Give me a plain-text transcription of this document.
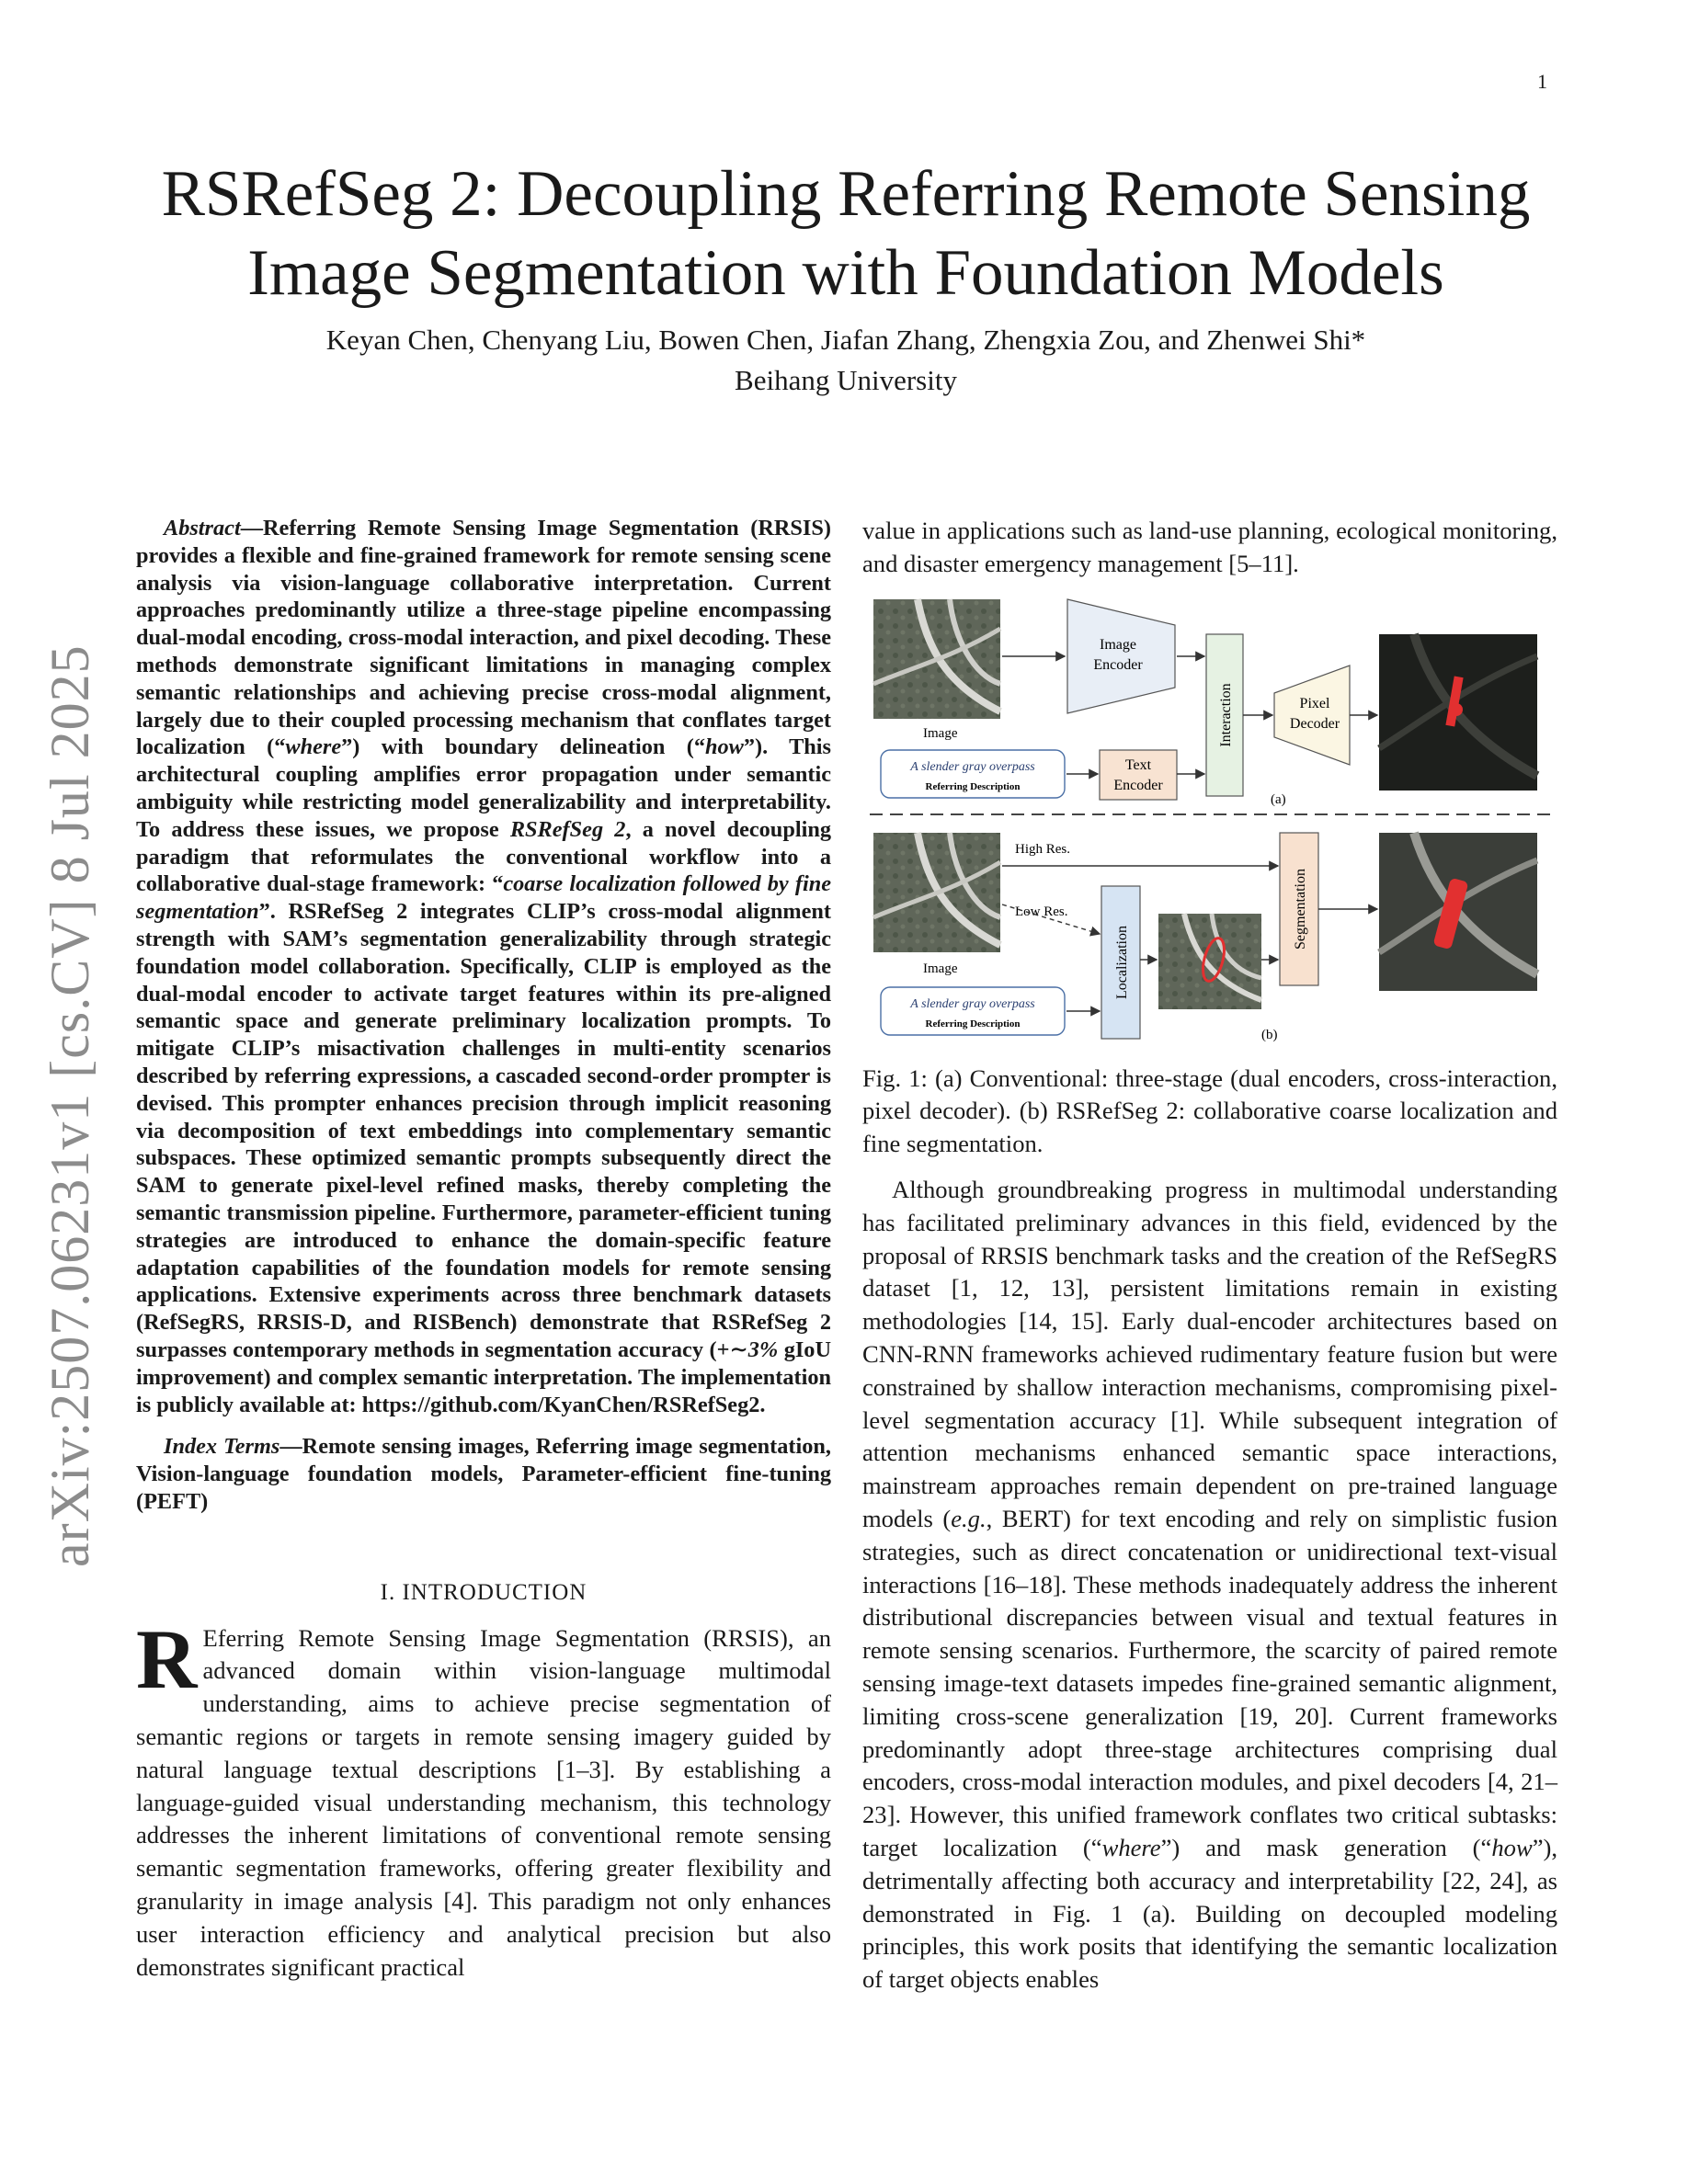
1
arXiv:2507.06231v1 [cs.CV] 8 Jul 2025
RSRefSeg 2: Decoupling Referring Remote Sensing
Image Segmentation with Foundation Models
Keyan Chen, Chenyang Liu, Bowen Chen, Jiafan Zhang, Zhengxia Zou, and Zhenwei Shi*
Beihang University

Abstract—Referring Remote Sensing Image Segmentation (RRSIS) provides a flexible and fine-grained framework for remote sensing scene analysis via vision-language collaborative interpretation. Current approaches predominantly utilize a three-stage pipeline encompassing dual-modal encoding, cross-modal interaction, and pixel decoding. These methods demonstrate significant limitations in managing complex semantic relationships and achieving precise cross-modal alignment, largely due to their coupled processing mechanism that conflates target localization (“where”) with boundary delineation (“how”). This architectural coupling amplifies error propagation under semantic ambiguity while restricting model generalizability and interpretability. To address these issues, we propose RSRefSeg 2, a novel decoupling paradigm that reformulates the conventional workflow into a collaborative dual-stage framework: “coarse localization followed by fine segmentation”. RSRefSeg 2 integrates CLIP’s cross-modal alignment strength with SAM’s segmentation generalizability through strategic foundation model collaboration. Specifically, CLIP is employed as the dual-modal encoder to activate target features within its pre-aligned semantic space and generate preliminary localization prompts. To mitigate CLIP’s misactivation challenges in multi-entity scenarios described by referring expressions, a cascaded second-order prompter is devised. This prompter enhances precision through implicit reasoning via decomposition of text embeddings into complementary semantic subspaces. These optimized semantic prompts subsequently direct the SAM to generate pixel-level refined masks, thereby completing the semantic transmission pipeline. Furthermore, parameter-efficient tuning strategies are introduced to enhance the domain-specific feature adaptation capabilities of the foundation models for remote sensing applications. Extensive experiments across three benchmark datasets (RefSegRS, RRSIS-D, and RISBench) demonstrate that RSRefSeg 2 surpasses contemporary methods in segmentation accuracy (+∼3% gIoU improvement) and complex semantic interpretation. The implementation is publicly available at: https://github.com/KyanChen/RSRefSeg2.

Index Terms—Remote sensing images, Referring image segmentation, Vision-language foundation models, Parameter-efficient fine-tuning (PEFT)

I. INTRODUCTION

R Eferring Remote Sensing Image Segmentation (RRSIS), an advanced domain within vision-language multimodal understanding, aims to achieve precise segmentation of semantic regions or targets in remote sensing imagery guided by natural language textual descriptions [1–3]. By establishing a language-guided visual understanding mechanism, this technology addresses the inherent limitations of conventional remote sensing semantic segmentation frameworks, offering greater flexibility and granularity in image analysis [4]. This paradigm not only enhances user interaction efficiency and analytical precision but also demonstrates significant practical

value in applications such as land-use planning, ecological monitoring, and disaster emergency management [5–11].

Image
Image Encoder
A slender gray overpass
Referring Description
Text Encoder
Interaction	Pixel Decoder
(a)
Image
High Res.
Low Res.
A slender gray overpass
Referring Description
Localization
Segmentation
(b)

Fig. 1: (a) Conventional: three-stage (dual encoders, cross-interaction, pixel decoder). (b) RSRefSeg 2: collaborative coarse localization and fine segmentation.

Although groundbreaking progress in multimodal understanding has facilitated preliminary advances in this field, evidenced by the proposal of RRSIS benchmark tasks and the creation of the RefSegRS dataset [1, 12, 13], persistent limitations remain in existing methodologies [14, 15]. Early dual-encoder architectures based on CNN-RNN frameworks achieved rudimentary feature fusion but were constrained by shallow interaction mechanisms, compromising pixel-level segmentation accuracy [1]. While subsequent integration of attention mechanisms enhanced semantic space interactions, mainstream approaches remain dependent on pre-trained language models (e.g., BERT) for text encoding and rely on simplistic fusion strategies, such as direct concatenation or unidirectional text-visual interactions [16–18]. These methods inadequately address the inherent distributional discrepancies between visual and textual features in remote sensing scenarios. Furthermore, the scarcity of paired remote sensing image-text datasets impedes fine-grained semantic alignment, limiting cross-scene generalization [19, 20]. Current frameworks predominantly adopt three-stage architectures comprising dual encoders, cross-modal interaction modules, and pixel decoders [4, 21–23]. However, this unified framework conflates two critical subtasks: target localization (“where”) and mask generation (“how”), detrimentally affecting both accuracy and interpretability [22, 24], as demonstrated in Fig. 1 (a). Building on decoupled modeling principles, this work posits that identifying the semantic localization of target objects enables
